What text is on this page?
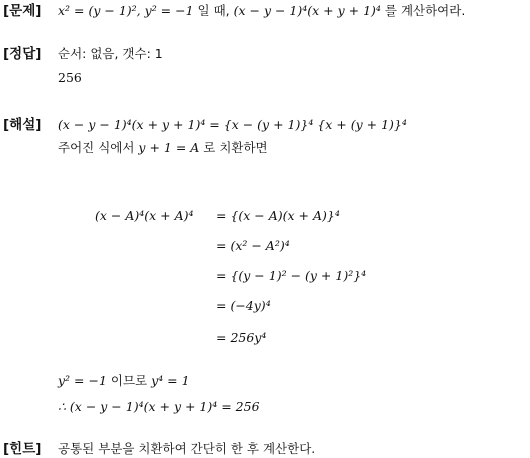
[문제] x² = (y − 1)², y² = −1 일 때, (x − y − 1)⁴(x + y + 1)⁴ 를 계산하여라.
[정답] 순서: 없음, 갯수: 1
256
[해설] (x − y − 1)⁴(x + y + 1)⁴ = {x − (y + 1)}⁴ {x + (y + 1)}⁴
주어진 식에서 y + 1 = A 로 치환하면
(x − A)⁴(x + A)⁴ = {(x − A)(x + A)}⁴
= (x² − A²)⁴
= {(y − 1)² − (y + 1)²}⁴
= (−4y)⁴
= 256y⁴
y² = −1 이므로 y⁴ = 1
∴ (x − y − 1)⁴(x + y + 1)⁴ = 256
[힌트] 공통된 부분을 치환하여 간단히 한 후 계산한다.
